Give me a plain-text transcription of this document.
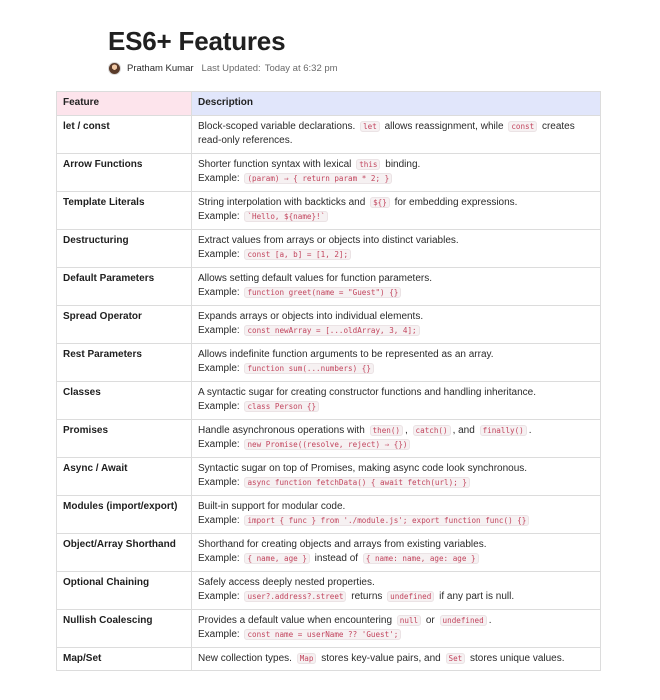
ES6+ Features
Pratham Kumar Last Updated: Today at 6:32 pm
Feature	Description
let / const	Block-scoped variable declarations. let allows reassignment, while const creates
read-only references.

Arrow Functions	Shorter function syntax with lexical this binding.
Example: (param) ⇒ { return param * 2; }

Template Literals	String interpolation with backticks and ${} for embedding expressions.
Example: `Hello, ${name}!`

Destructuring	Extract values from arrays or objects into distinct variables.
Example: const [a, b] = [1, 2];

Default Parameters	Allows setting default values for function parameters.
Example: function greet(name = "Guest") {}

Spread Operator	Expands arrays or objects into individual elements.
Example: const newArray = [...oldArray, 3, 4];

Rest Parameters	Allows indefinite function arguments to be represented as an array.
Example: function sum(...numbers) {}

Classes	A syntactic sugar for creating constructor functions and handling inheritance.
Example: class Person {}

Promises	Handle asynchronous operations with then() , catch() , and finally() .
Example: new Promise((resolve, reject) ⇒ {})

Async / Await	Syntactic sugar on top of Promises, making async code look synchronous.
Example: async function fetchData() { await fetch(url); }

Modules (import/export)	Built-in support for modular code.
Example: import { func } from './module.js'; export function func() {}

Object/Array Shorthand	Shorthand for creating objects and arrays from existing variables.
Example: { name, age } instead of { name: name, age: age }

Optional Chaining	Safely access deeply nested properties.
Example: user?.address?.street returns undefined if any part is null.

Nullish Coalescing	Provides a default value when encountering null or undefined .
Example: const name = userName ?? 'Guest';

Map/Set	New collection types. Map stores key-value pairs, and Set stores unique values.
